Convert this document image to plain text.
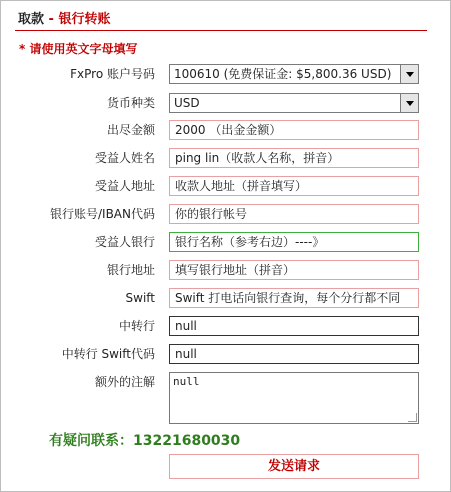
取款 - 银行转账
* 请使用英文字母填写
FxPro 账户号码	100610 (免费保证金: $5,800.36 USD)
货币种类	USD
出尽金额	2000 （出金金额）
受益人姓名	ping lin（收款人名称，拼音）
受益人地址	收款人地址（拼音填写）
银行账号/IBAN代码	你的银行帐号
受益人银行	银行名称（参考右边）----》
银行地址	填写银行地址（拼音）
Swift	Swift 打电话向银行查询，每个分行都不同
中转行	null
中转行 Swift代码	null
额外的注解	null
有疑问联系：13221680030
发送请求
